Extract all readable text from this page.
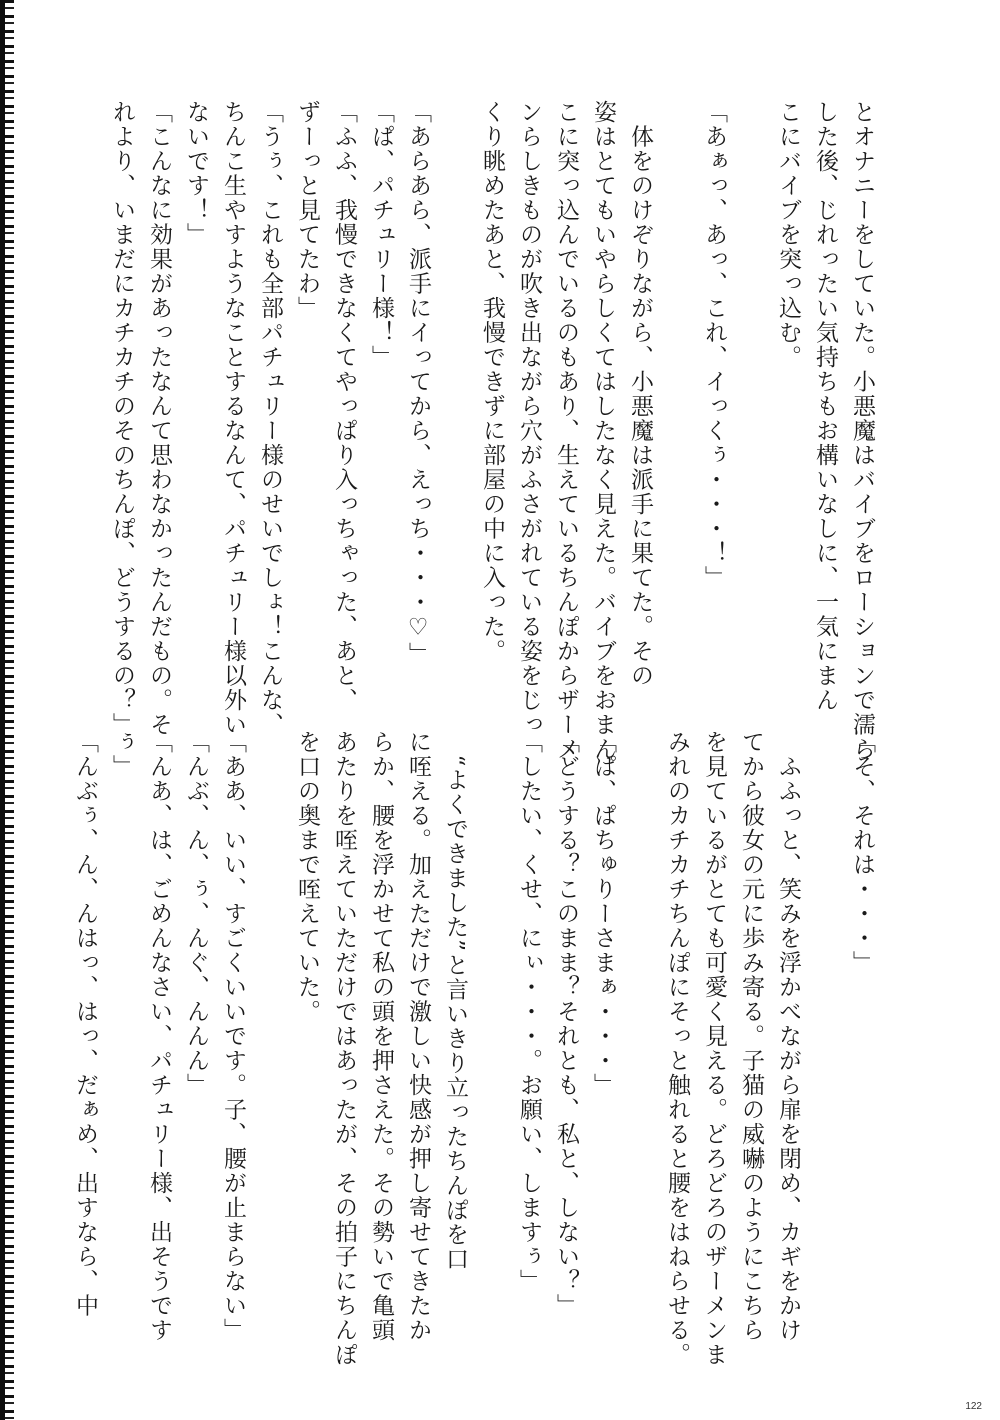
とオナニーをしていた。小悪魔はバイブをローションで濡ら

した後、じれったい気持ちもお構いなしに、一気にまん

こにバイブを突っ込む。

「あぁっ、あっ、これ、イっくぅ・・・！」

　体をのけぞりながら、小悪魔は派手に果てた。その

姿はとてもいやらしくてはしたなく見えた。バイブをおまん

こに突っ込んでいるのもあり、生えているちんぽからザーメ

ンらしきものが吹き出ながら穴がふさがれている姿をじっ

くり眺めたあと、我慢できずに部屋の中に入った。

「あらあら、派手にイってから、えっち・・・♡」

「ぱ、パチュリー様！」

「ふふ、我慢できなくてやっぱり入っちゃった、あと、

ずーっと見てたわ」

「うぅ、これも全部パチュリー様のせいでしょ！こんな、

ちんこ生やすようなことするなんて、パチュリー様以外い

ないです！」

「こんなに効果があったなんて思わなかったんだもの。そ

れより、いまだにカチカチのそのちんぽ、どうするの？」

「そ、それは・・・」

　ふふっと、笑みを浮かべながら扉を閉め、カギをかけ

てから彼女の元に歩み寄る。子猫の威嚇のようにこちら

を見ているがとても可愛く見える。どろどろのザーメンま

みれのカチカチちんぽにそっと触れると腰をはねらせる。

「ぱ、ぱちゅりーさまぁ・・・」

「どうする？このまま？それとも、私と、しない？」

「したい、くせ、にぃ・・・。お願い、しますぅ」

　“よくできました”と言いきり立ったちんぽを口

に咥える。加えただけで激しい快感が押し寄せてきたか

らか、腰を浮かせて私の頭を押さえた。その勢いで亀頭

あたりを咥えていただけではあったが、その拍子にちんぽ

を口の奥まで咥えていた。

「ああ、いい、すごくいいです。子、腰が止まらない」

「んぶ、ん、ぅ、んぐ、んんん」

「んあ、は、ごめんなさい、パチュリー様、出そうです

ぅ」

「んぶぅ、ん、んはっ、はっ、だぁめ、出すなら、中

122
